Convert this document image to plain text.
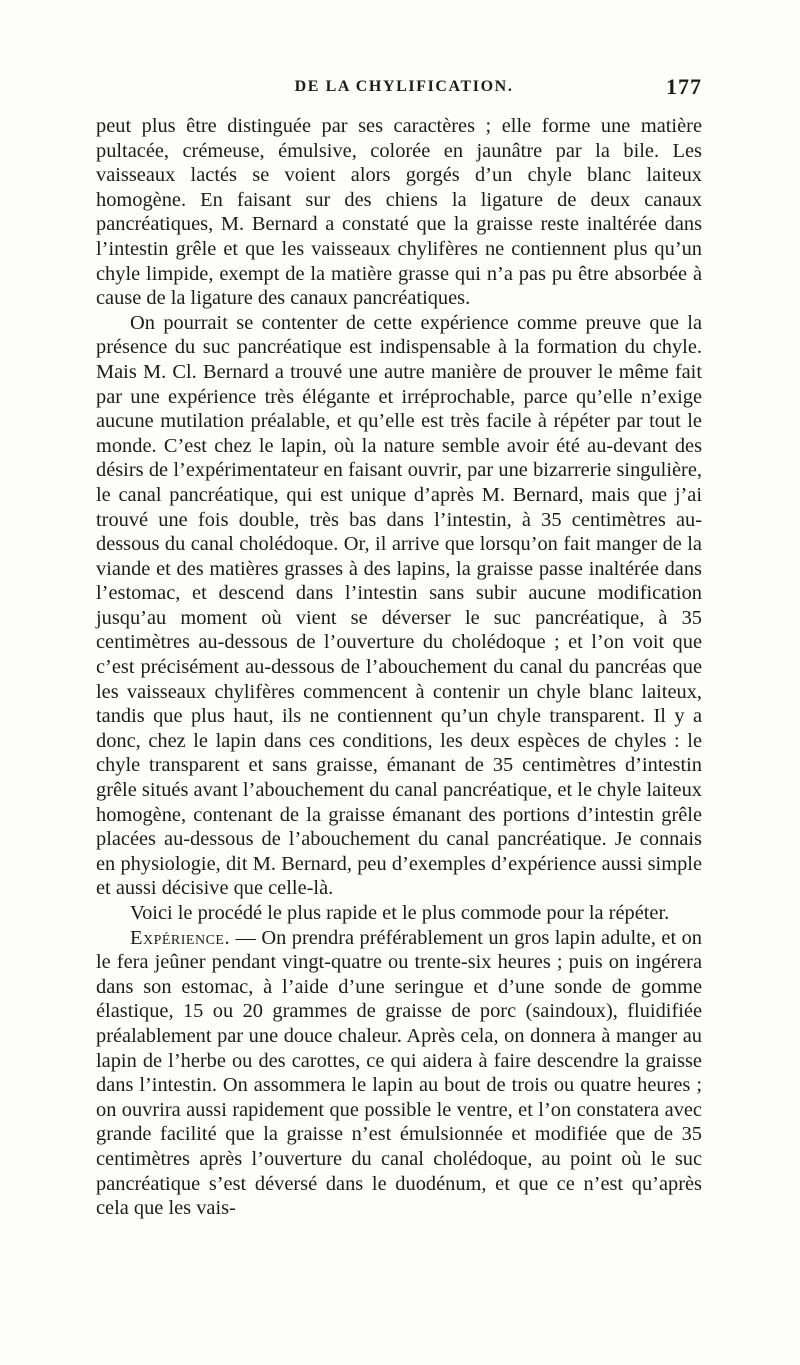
DE LA CHYLIFICATION.	177

peut plus être distinguée par ses caractères ; elle forme une matière pultacée, crémeuse, émulsive, colorée en jaunâtre par la bile. Les vaisseaux lactés se voient alors gorgés d’un chyle blanc laiteux homogène. En faisant sur des chiens la ligature de deux canaux pancréatiques, M. Bernard a constaté que la graisse reste inaltérée dans l’intestin grêle et que les vaisseaux chylifères ne contiennent plus qu’un chyle limpide, exempt de la matière grasse qui n’a pas pu être absorbée à cause de la ligature des canaux pancréatiques.

On pourrait se contenter de cette expérience comme preuve que la présence du suc pancréatique est indispensable à la formation du chyle. Mais M. Cl. Bernard a trouvé une autre manière de prouver le même fait par une expérience très élégante et irréprochable, parce qu’elle n’exige aucune mutilation préalable, et qu’elle est très facile à répéter par tout le monde. C’est chez le lapin, où la nature semble avoir été au-devant des désirs de l’expérimentateur en faisant ouvrir, par une bizarrerie singulière, le canal pancréatique, qui est unique d’après M. Bernard, mais que j’ai trouvé une fois double, très bas dans l’intestin, à 35 centimètres au-dessous du canal cholédoque. Or, il arrive que lorsqu’on fait manger de la viande et des matières grasses à des lapins, la graisse passe inaltérée dans l’estomac, et descend dans l’intestin sans subir aucune modification jusqu’au moment où vient se déverser le suc pancréatique, à 35 centimètres au-dessous de l’ouverture du cholédoque ; et l’on voit que c’est précisément au-dessous de l’abouchement du canal du pancréas que les vaisseaux chylifères commencent à contenir un chyle blanc laiteux, tandis que plus haut, ils ne contiennent qu’un chyle transparent. Il y a donc, chez le lapin dans ces conditions, les deux espèces de chyles : le chyle transparent et sans graisse, émanant de 35 centimètres d’intestin grêle situés avant l’abouchement du canal pancréatique, et le chyle laiteux homogène, contenant de la graisse émanant des portions d’intestin grêle placées au-dessous de l’abouchement du canal pancréatique. Je connais en physiologie, dit M. Bernard, peu d’exemples d’expérience aussi simple et aussi décisive que celle-là.

Voici le procédé le plus rapide et le plus commode pour la répéter.

Expérience. — On prendra préférablement un gros lapin adulte, et on le fera jeûner pendant vingt-quatre ou trente-six heures ; puis on ingérera dans son estomac, à l’aide d’une seringue et d’une sonde de gomme élastique, 15 ou 20 grammes de graisse de porc (saindoux), fluidifiée préalablement par une douce chaleur. Après cela, on donnera à manger au lapin de l’herbe ou des carottes, ce qui aidera à faire descendre la graisse dans l’intestin. On assommera le lapin au bout de trois ou quatre heures ; on ouvrira aussi rapidement que possible le ventre, et l’on constatera avec grande facilité que la graisse n’est émulsionnée et modifiée que de 35 centimètres après l’ouverture du canal cholédoque, au point où le suc pancréatique s’est déversé dans le duodénum, et que ce n’est qu’après cela que les vais-
